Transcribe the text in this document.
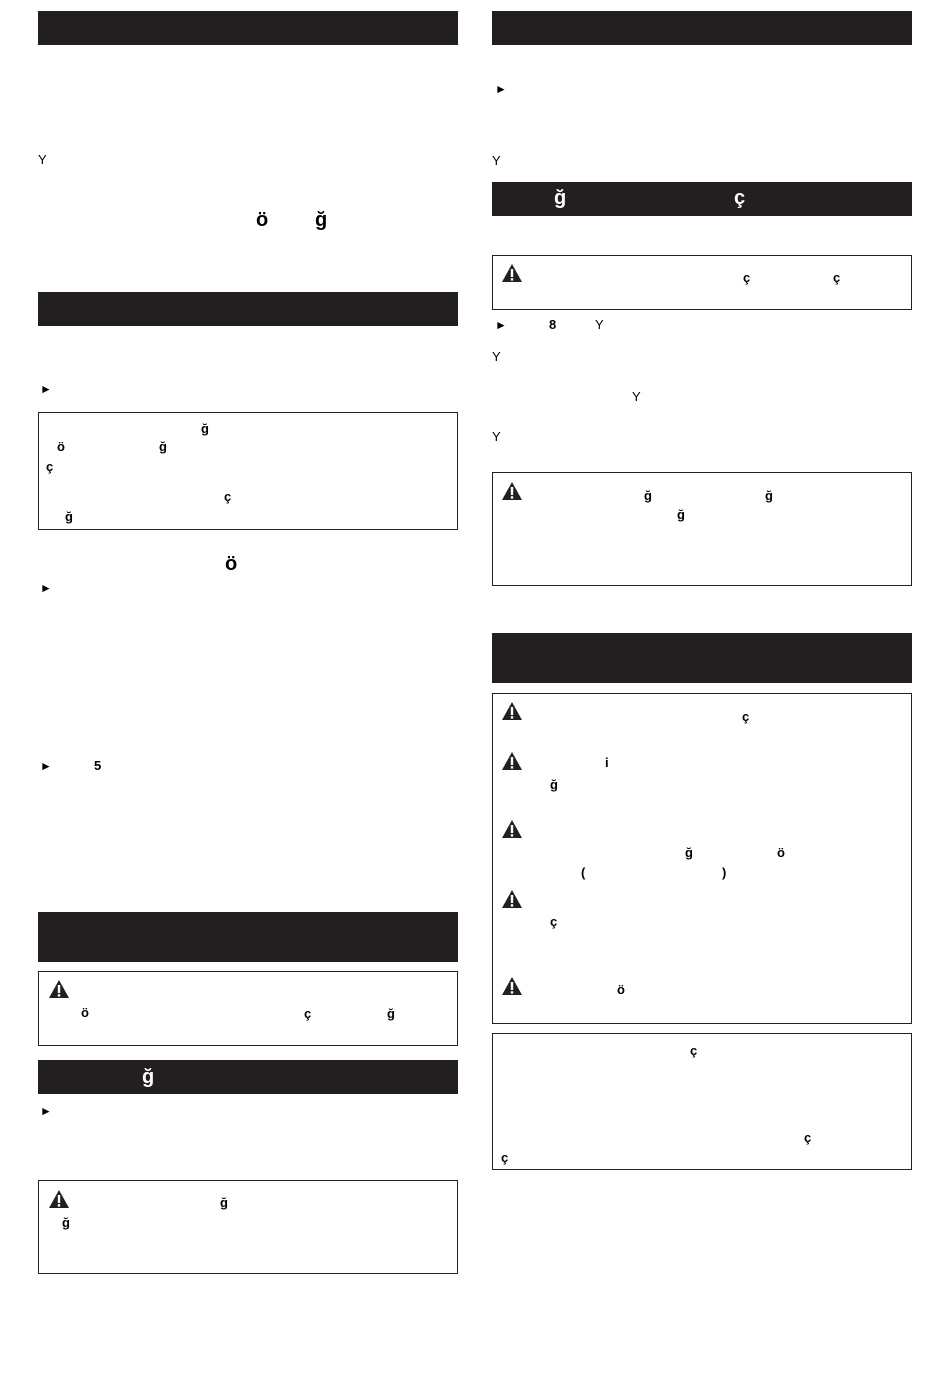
Y
ö ğ
►
ğ
ö	ğ
ç
ç
ğ
ö
►
►	5
ö	ç	ğ
ğ
►
ğ
ğ
►
Y
ğ	ç
ç	ç
►	8	Y
Y
Y
Y
ğ	ğ
ğ
ç
i
ğ
ğ	ö
(	)
ç
ö
ç
ç
ç
